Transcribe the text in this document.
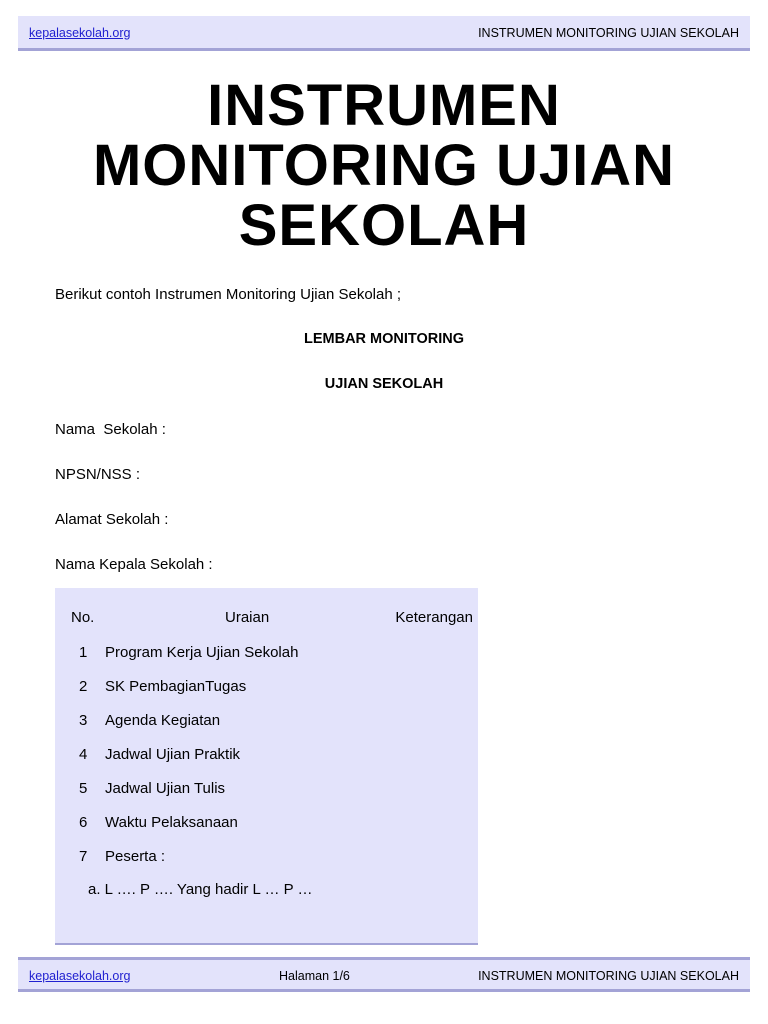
kepalasekolah.org	INSTRUMEN MONITORING UJIAN SEKOLAH
INSTRUMEN
MONITORING UJIAN
SEKOLAH
Berikut contoh Instrumen Monitoring Ujian Sekolah ;
LEMBAR MONITORING
UJIAN SEKOLAH
Nama  Sekolah :
NPSN/NSS :
Alamat Sekolah :
Nama Kepala Sekolah :
No.	Uraian	Keterangan
1 Program Kerja Ujian Sekolah
2 SK PembagianTugas
3 Agenda Kegiatan
4 Jadwal Ujian Praktik
5 Jadwal Ujian Tulis
6 Waktu Pelaksanaan
7 Peserta :
a. L …. P …. Yang hadir L … P …
kepalasekolah.org	Halaman 1/6	INSTRUMEN MONITORING UJIAN SEKOLAH
